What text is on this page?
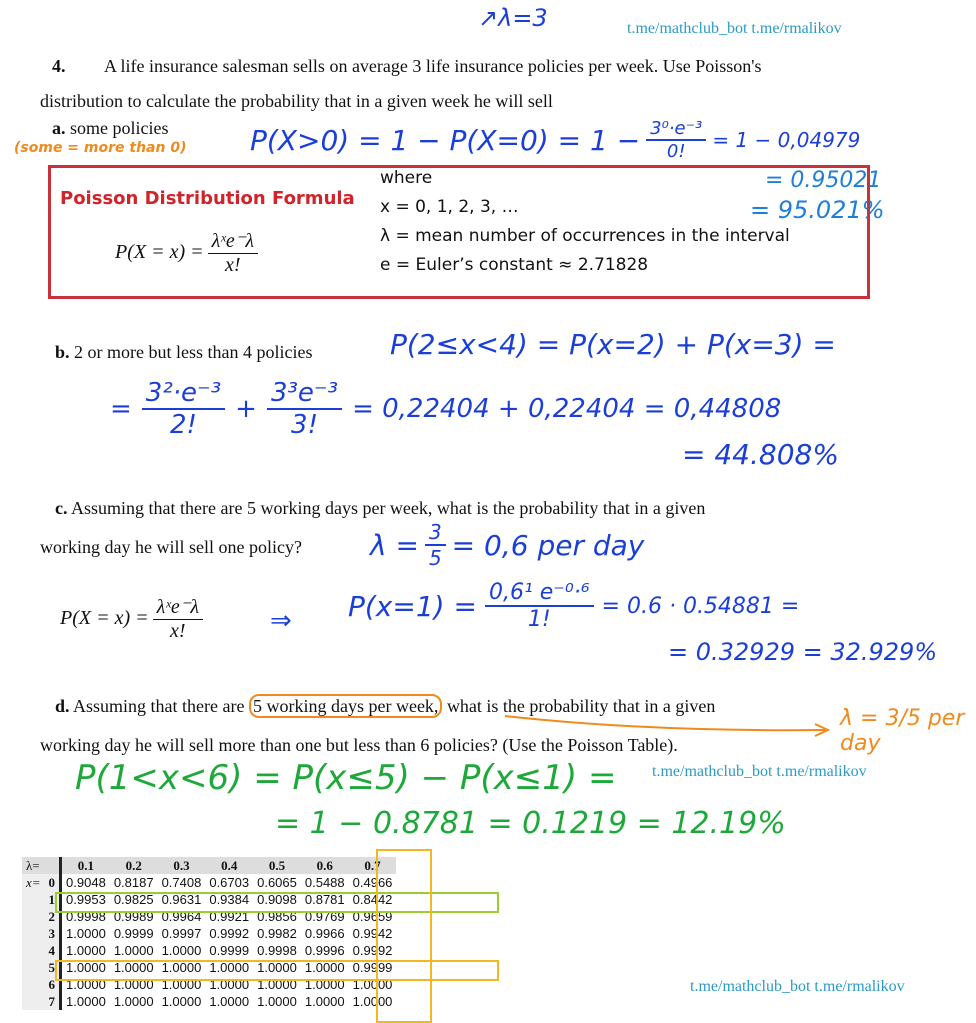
↗λ=3	t.me/mathclub_bot t.me/rmalikov
4. A life insurance salesman sells on average 3 life insurance policies per week. Use Poisson's
distribution to calculate the probability that in a given week he will sell
a. some policies
(some = more than 0) $P(X>0) = 1 - P(X=0) = 1 - \frac{\text{3⁰·e⁻³}}{0!} = 1 - 0,04979$
= 0.95021
= 95.021%
Poisson Distribution Formula
$P(X = x) = \frac{\text{λˣe⁻λ}}{x!}$
where
x = 0, 1, 2, 3, …
λ = mean number of occurrences in the interval
e = Euler’s constant ≈ 2.71828
b. 2 or more but less than 4 policies	P(2≤x<4) = P(x=2) + P(x=3) =
= $\frac{\text{3²·e⁻³}}{2!} + \frac{\text{3³e⁻³}}{3!} = 0,22404 + 0,22404 = 0,44808$
= 44.808%
c. Assuming that there are 5 working days per week, what is the probability that in a given
working day he will sell one policy? $\lambda = \frac{3}{5} = 0,6$ per day
$P(X = x) = \frac{\text{λˣe⁻λ}}{x!}$	⇒ $P(x=1) = \frac{\text{0,6¹ e⁻⁰·⁶}}{1!} = 0.6 \cdot 0.54881$ =
= 0.32929 = 32.929%
d. Assuming that there are 5 working days per week, what is the probability that in a given
working day he will sell more than one but less than 6 policies? (Use the Poisson Table).
λ = 3/5 per day
t.me/mathclub_bot t.me/rmalikov
P(1<x<6) = P(x≤5) − P(x≤1) =
= 1 − 0.8781 = 0.1219 = 12.19%
λ=		0.1	0.2	0.3	0.4	0.5	0.6	0.7
x=	0	0.9048	0.8187	0.7408	0.6703	0.6065	0.5488	0.4966
	1	0.9953	0.9825	0.9631	0.9384	0.9098	0.8781	0.8442
	2	0.9998	0.9989	0.9964	0.9921	0.9856	0.9769	0.9659
	3	1.0000	0.9999	0.9997	0.9992	0.9982	0.9966	0.9942
	4	1.0000	1.0000	1.0000	0.9999	0.9998	0.9996	0.9992
	5	1.0000	1.0000	1.0000	1.0000	1.0000	1.0000	0.9999
	6	1.0000	1.0000	1.0000	1.0000	1.0000	1.0000	1.0000
	7	1.0000	1.0000	1.0000	1.0000	1.0000	1.0000	1.0000
t.me/mathclub_bot t.me/rmalikov
